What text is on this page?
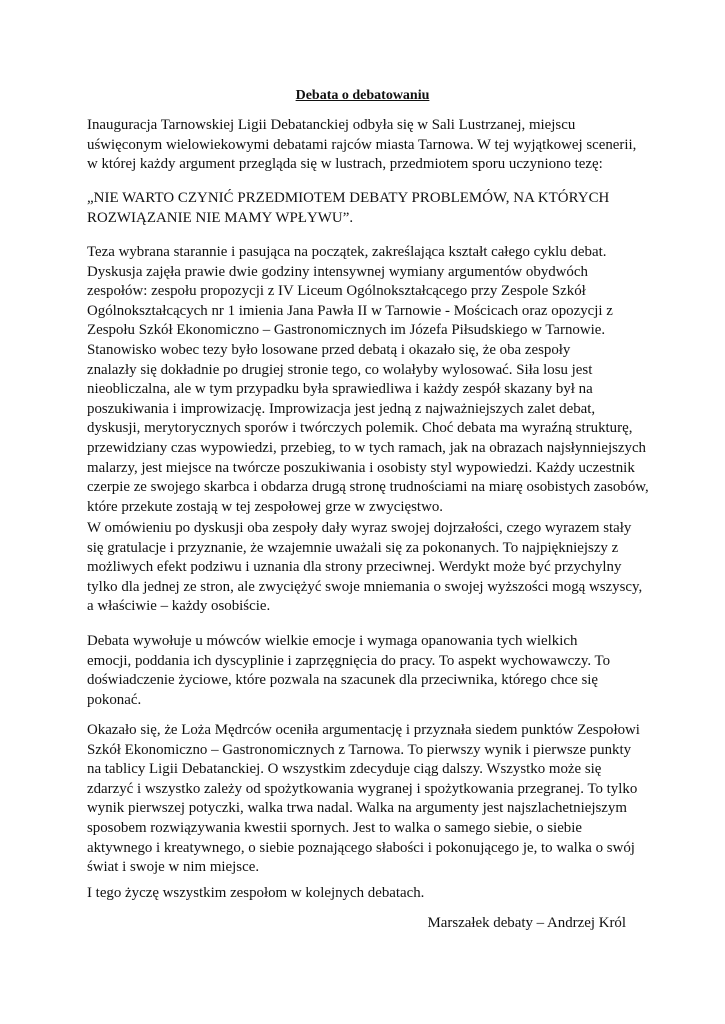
Debata o debatowaniu
Inauguracja Tarnowskiej Ligii Debatanckiej odbyła się w Sali Lustrzanej, miejscu
uświęconym wielowiekowymi debatami rajców miasta Tarnowa. W tej wyjątkowej scenerii,
w której każdy argument przegląda się w lustrach, przedmiotem sporu uczyniono tezę:
„NIE WARTO CZYNIĆ PRZEDMIOTEM DEBATY PROBLEMÓW, NA KTÓRYCH
ROZWIĄZANIE NIE MAMY WPŁYWU”.
Teza wybrana starannie i pasująca na początek, zakreślająca kształt całego cyklu debat.
Dyskusja zajęła prawie dwie godziny intensywnej wymiany argumentów obydwóch
zespołów: zespołu propozycji z IV Liceum Ogólnokształcącego przy Zespole Szkół
Ogólnokształcących nr 1 imienia Jana Pawła II w Tarnowie - Mościcach oraz opozycji z
Zespołu Szkół Ekonomiczno – Gastronomicznych im Józefa Piłsudskiego w Tarnowie.
Stanowisko wobec tezy było losowane przed debatą i okazało się, że oba zespoły
znalazły się dokładnie po drugiej stronie tego, co wolałyby wylosować. Siła losu jest
nieobliczalna, ale w tym przypadku była sprawiedliwa i każdy zespół skazany był na
poszukiwania i improwizację. Improwizacja jest jedną z najważniejszych zalet debat,
dyskusji, merytorycznych sporów i twórczych polemik. Choć debata ma wyraźną strukturę,
przewidziany czas wypowiedzi, przebieg, to w tych ramach, jak na obrazach najsłynniejszych
malarzy, jest miejsce na twórcze poszukiwania i osobisty styl wypowiedzi. Każdy uczestnik
czerpie ze swojego skarbca i obdarza drugą stronę trudnościami na miarę osobistych zasobów,
które przekute zostają w tej zespołowej grze w zwycięstwo.
W omówieniu po dyskusji oba zespoły dały wyraz swojej dojrzałości, czego wyrazem stały
się gratulacje i przyznanie, że wzajemnie uważali się za pokonanych. To najpiękniejszy z
możliwych efekt podziwu i uznania dla strony przeciwnej. Werdykt może być przychylny
tylko dla jednej ze stron, ale zwyciężyć swoje mniemania o swojej wyższości mogą wszyscy,
a właściwie – każdy osobiście.
Debata wywołuje u mówców wielkie emocje i wymaga opanowania tych wielkich
emocji, poddania ich dyscyplinie i zaprzęgnięcia do pracy. To aspekt wychowawczy. To
doświadczenie życiowe, które pozwala na szacunek dla przeciwnika, którego chce się
pokonać.
Okazało się, że Loża Mędrców oceniła argumentację i przyznała siedem punktów Zespołowi
Szkół Ekonomiczno – Gastronomicznych z Tarnowa. To pierwszy wynik i pierwsze punkty
na tablicy Ligii Debatanckiej. O wszystkim zdecyduje ciąg dalszy. Wszystko może się
zdarzyć i wszystko zależy od spożytkowania wygranej i spożytkowania przegranej. To tylko
wynik pierwszej potyczki, walka trwa nadal. Walka na argumenty jest najszlachetniejszym
sposobem rozwiązywania kwestii spornych. Jest to walka o samego siebie, o siebie
aktywnego i kreatywnego, o siebie poznającego słabości i pokonującego je, to walka o swój
świat i swoje w nim miejsce.
I tego życzę wszystkim zespołom w kolejnych debatach.
Marszałek debaty – Andrzej Król
